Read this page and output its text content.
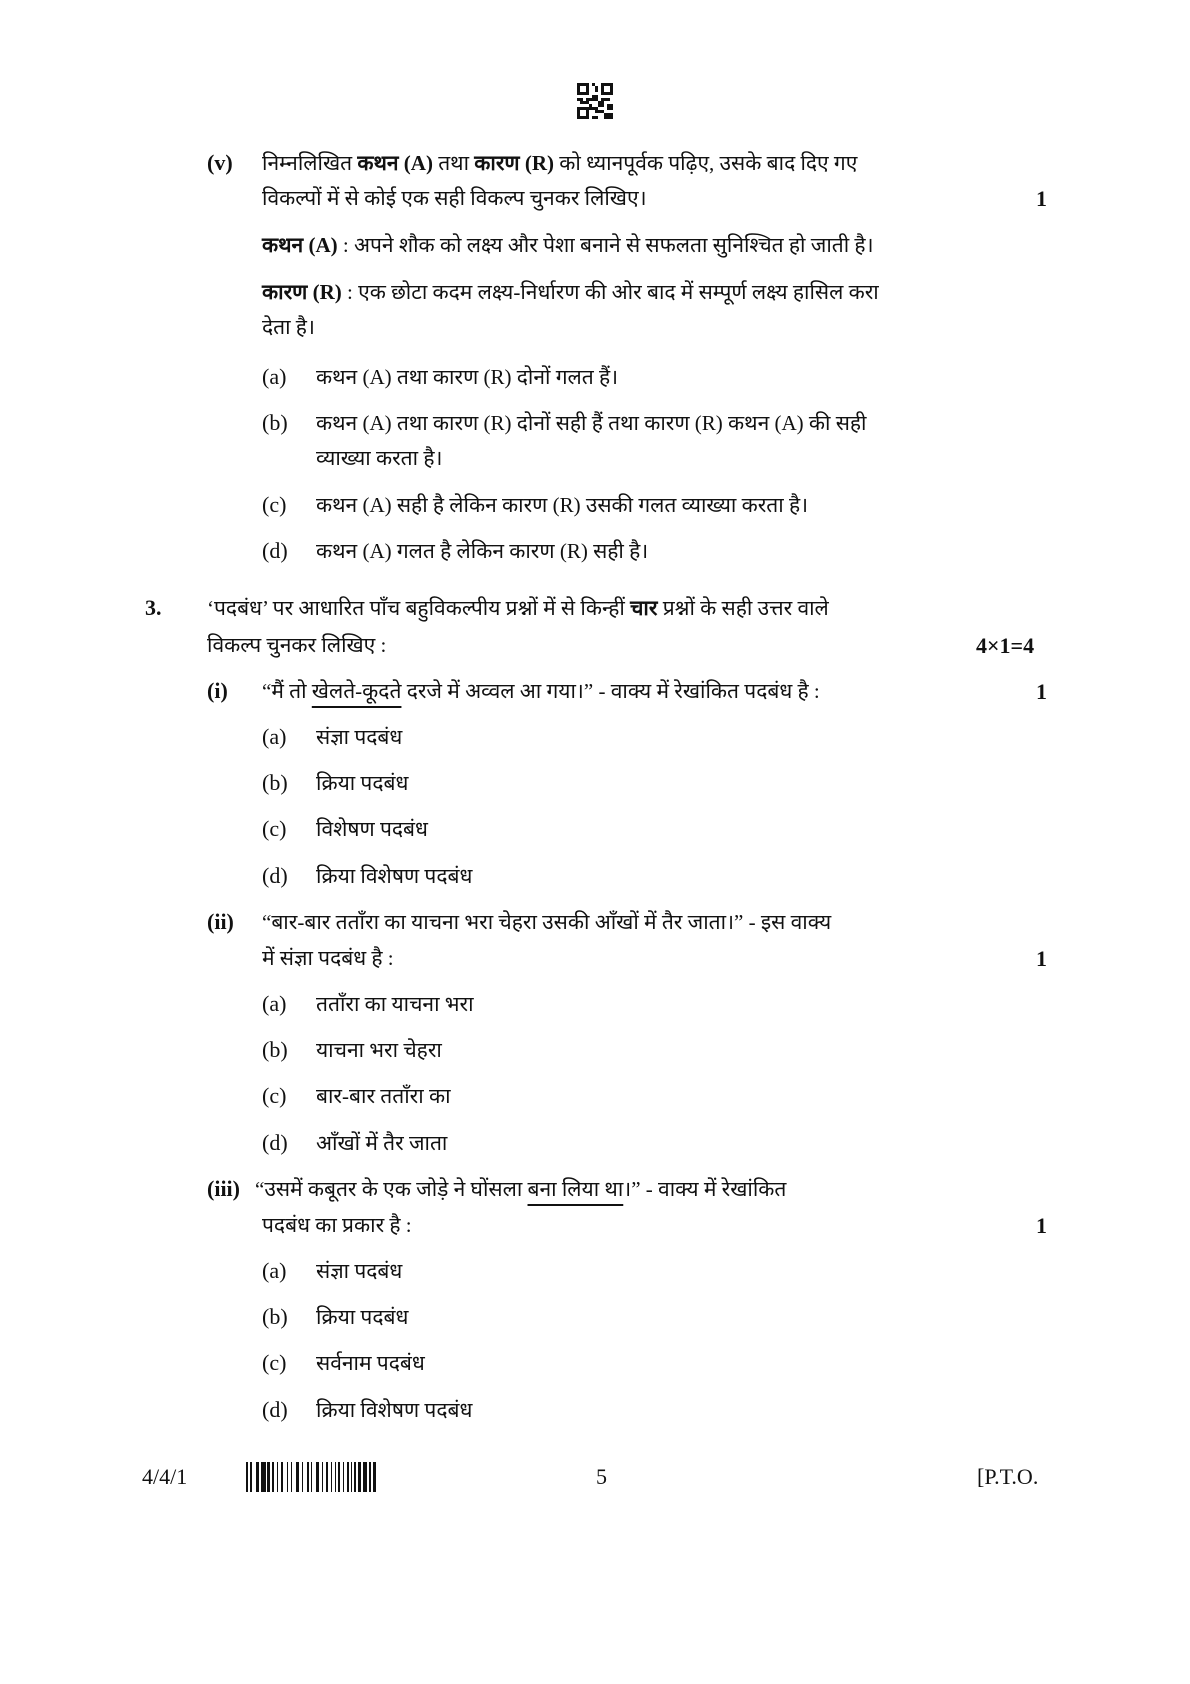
(v) निम्नलिखित कथन (A) तथा कारण (R) को ध्यानपूर्वक पढ़िए, उसके बाद दिए गए
विकल्पों में से कोई एक सही विकल्प चुनकर लिखिए।	1
कथन (A) : अपने शौक को लक्ष्य और पेशा बनाने से सफलता सुनिश्चित हो जाती है।
कारण (R) : एक छोटा कदम लक्ष्य-निर्धारण की ओर बाद में सम्पूर्ण लक्ष्य हासिल करा
देता है।
(a) कथन (A) तथा कारण (R) दोनों गलत हैं।
(b) कथन (A) तथा कारण (R) दोनों सही हैं तथा कारण (R) कथन (A) की सही
व्याख्या करता है।
(c) कथन (A) सही है लेकिन कारण (R) उसकी गलत व्याख्या करता है।
(d) कथन (A) गलत है लेकिन कारण (R) सही है।
3. ‘पदबंध’ पर आधारित पाँच बहुविकल्पीय प्रश्नों में से किन्हीं चार प्रश्नों के सही उत्तर वाले
विकल्प चुनकर लिखिए :	4×1=4
(i) “मैं तो खेलते-कूदते दरजे में अव्वल आ गया।” - वाक्य में रेखांकित पदबंध है :	1
(a) संज्ञा पदबंध
(b) क्रिया पदबंध
(c) विशेषण पदबंध
(d) क्रिया विशेषण पदबंध
(ii) “बार-बार तताँरा का याचना भरा चेहरा उसकी आँखों में तैर जाता।” - इस वाक्य
में संज्ञा पदबंध है :	1
(a) तताँरा का याचना भरा
(b) याचना भरा चेहरा
(c) बार-बार तताँरा का
(d) आँखों में तैर जाता
(iii) “उसमें कबूतर के एक जोड़े ने घोंसला बना लिया था।” - वाक्य में रेखांकित
पदबंध का प्रकार है :	1
(a) संज्ञा पदबंध
(b) क्रिया पदबंध
(c) सर्वनाम पदबंध
(d) क्रिया विशेषण पदबंध
4/4/1	5	[P.T.O.
